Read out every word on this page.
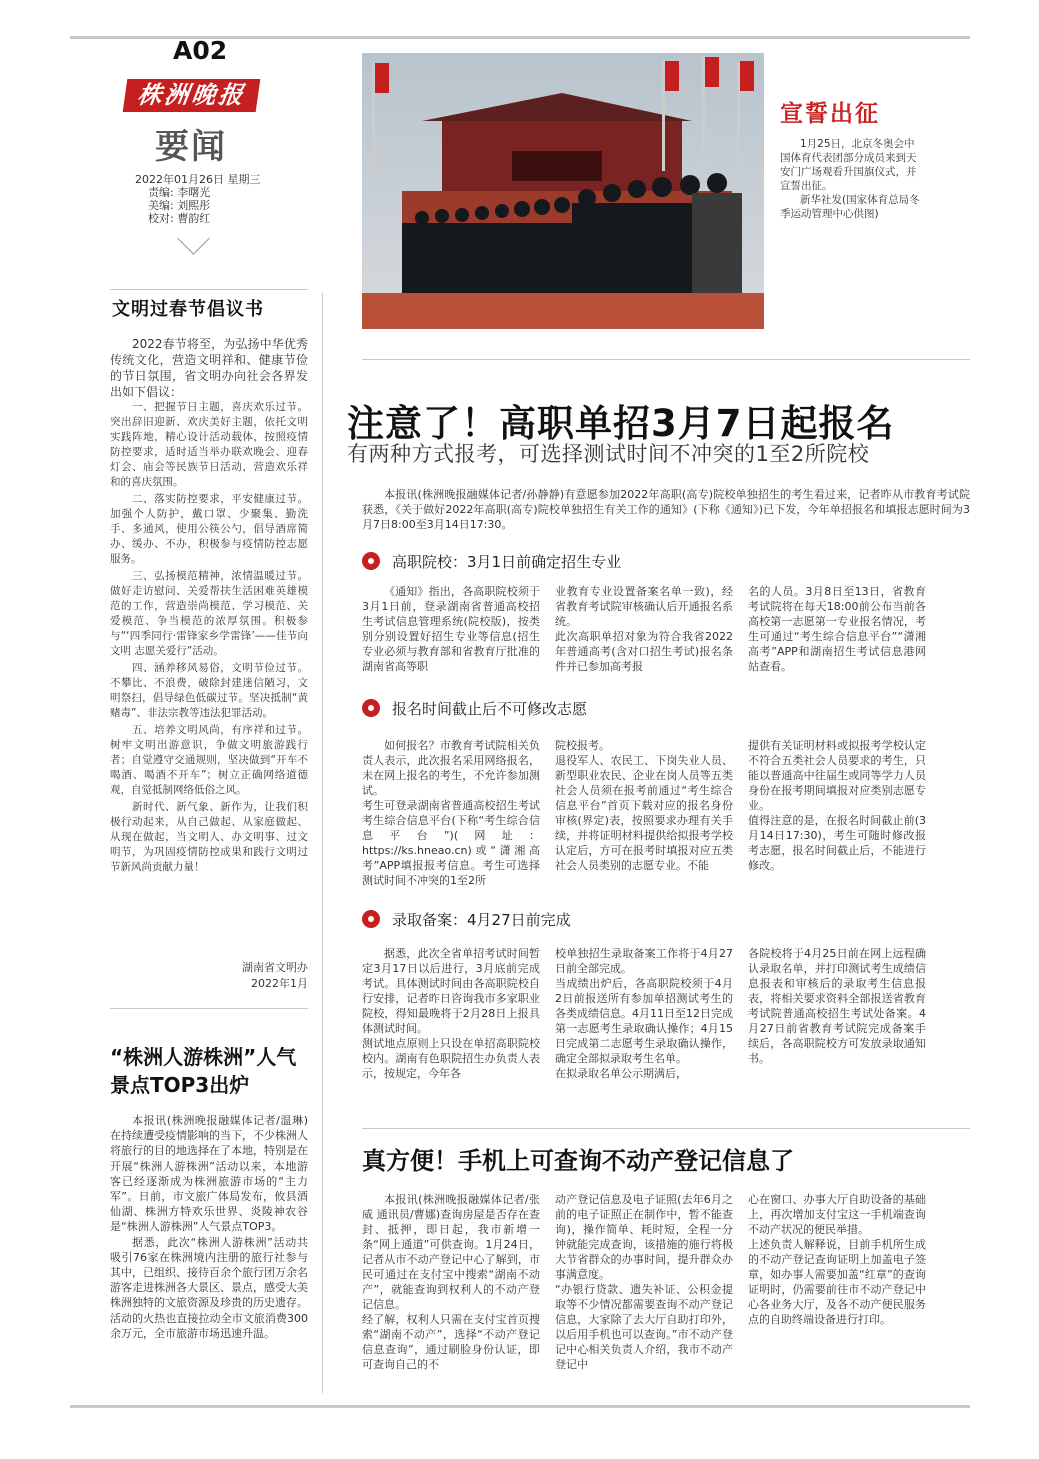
A02
株洲晚报
要闻
2022年01月26日 星期三
责编: 李曙光
美编: 刘熙彤
校对: 曹韵红
宣誓出征
1月25日，北京冬奥会中国体育代表团部分成员来到天安门广场观看升国旗仪式，并宣誓出征。
新华社发(国家体育总局冬季运动管理中心供图)
文明过春节倡议书

2022春节将至，为弘扬中华优秀传统文化，营造文明祥和、健康节俭的节日氛围，省文明办向社会各界发出如下倡议：

一、把握节日主题，喜庆欢乐过节。突出辞旧迎新、欢庆美好主题，依托文明实践阵地，精心设计活动载体，按照疫情防控要求，适时适当举办联欢晚会、迎春灯会、庙会等民族节日活动，营造欢乐祥和的喜庆氛围。

二、落实防控要求，平安健康过节。加强个人防护，戴口罩、少聚集、勤洗手、多通风，使用公筷公勺，倡导酒席简办、缓办、不办，积极参与疫情防控志愿服务。

三、弘扬模范精神，浓情温暖过节。做好走访慰问、关爱帮扶生活困难英雄模范的工作，营造崇尚模范、学习模范、关爱模范、争当模范的浓厚氛围。积极参与“‘四季同行·雷锋家乡学雷锋’——佳节向文明 志愿关爱行”活动。

四、涵养移风易俗，文明节俭过节。不攀比、不浪费，破除封建迷信陋习，文明祭扫，倡导绿色低碳过节。坚决抵制“黄赌毒”、非法宗教等违法犯罪活动。

五、培养文明风尚，有序祥和过节。树牢文明出游意识，争做文明旅游践行者；自觉遵守交通规则，坚决做到“开车不喝酒、喝酒不开车”；树立正确网络道德观，自觉抵制网络低俗之风。

新时代、新气象、新作为，让我们积极行动起来，从自己做起、从家庭做起、从现在做起，当文明人、办文明事、过文明节，为巩固疫情防控成果和践行文明过节新风尚贡献力量！

湖南省文明办
2022年1月
“株洲人游株洲”人气景点TOP3出炉

本报讯(株洲晚报融媒体记者/温琳)在持续遭受疫情影响的当下，不少株洲人将旅行的目的地选择在了本地，特别是在开展“株洲人游株洲”活动以来，本地游客已经逐渐成为株洲旅游市场的“主力军”。日前，市文旅广体局发布，攸县酒仙湖、株洲方特欢乐世界、炎陵神农谷是“株洲人游株洲”人气景点TOP3。

据悉，此次“株洲人游株洲”活动共吸引76家在株洲境内注册的旅行社参与其中，已组织、接待百余个旅行团万余名游客走进株洲各大景区、景点，感受大美株洲独特的文旅资源及珍贵的历史遗存。活动的火热也直接拉动全市文旅消费300余万元，全市旅游市场迅速升温。

注意了！高职单招3月7日起报名
有两种方式报考，可选择测试时间不冲突的1至2所院校
本报讯(株洲晚报融媒体记者/孙静静)有意愿参加2022年高职(高专)院校单独招生的考生看过来，记者昨从市教育考试院获悉，《关于做好2022年高职(高专)院校单独招生有关工作的通知》(下称《通知》)已下发，今年单招报名和填报志愿时间为3月7日8:00至3月14日17:30。
高职院校：3月1日前确定招生专业

《通知》指出，各高职院校须于3月1日前，登录湖南省普通高校招生考试信息管理系统(院校版)，按类别分别设置好招生专业等信息(招生专业必须与教育部和省教育厅批准的湖南省高等职

业教育专业设置备案名单一致)，经省教育考试院审核确认后开通报名系统。
此次高职单招对象为符合我省2022年普通高考(含对口招生考试)报名条件并已参加高考报

名的人员。3月8日至13日，省教育考试院将在每天18:00前公布当前各高校第一志愿第一专业报名情况，考生可通过“考生综合信息平台”“潇湘高考”APP和湖南招生考试信息港网站查看。

报名时间截止后不可修改志愿

如何报名？市教育考试院相关负责人表示，此次报名采用网络报名，未在网上报名的考生，不允许参加测试。
考生可登录湖南省普通高校招生考试考生综合信息平台(下称“考生综合信息平台”)(网址：https://ks.hneao.cn)或“潇湘高考”APP填报报考信息。考生可选择测试时间不冲突的1至2所

院校报考。
退役军人、农民工、下岗失业人员、新型职业农民、企业在岗人员等五类社会人员须在报考前通过“考生综合信息平台”首页下载对应的报名身份审核(界定)表，按照要求办理有关手续，并将证明材料提供给拟报考学校认定后，方可在报考时填报对应五类社会人员类别的志愿专业。不能

提供有关证明材料或拟报考学校认定不符合五类社会人员要求的考生，只能以普通高中往届生或同等学力人员身份在报考期间填报对应类别志愿专业。
值得注意的是，在报名时间截止前(3月14日17:30)，考生可随时修改报考志愿，报名时间截止后，不能进行修改。

录取备案：4月27日前完成

据悉，此次全省单招考试时间暂定3月17日以后进行，3月底前完成考试。具体测试时间由各高职院校自行安排，记者昨日咨询我市多家职业院校，得知最晚将于2月28日上报具体测试时间。
测试地点原则上只设在单招高职院校校内。湖南有色职院招生办负责人表示，按规定，今年各

校单独招生录取备案工作将于4月27日前全部完成。
当成绩出炉后，各高职院校须于4月2日前报送所有参加单招测试考生的各类成绩信息。4月11日至12日完成第一志愿考生录取确认操作；4月15日完成第二志愿考生录取确认操作，确定全部拟录取考生名单。
在拟录取名单公示期满后，

各院校将于4月25日前在网上远程确认录取名单，并打印测试考生成绩信息报表和审核后的录取考生信息报表，将相关要求资料全部报送省教育考试院普通高校招生考试处备案。4月27日前省教育考试院完成备案手续后，各高职院校方可发放录取通知书。

真方便！手机上可查询不动产登记信息了

本报讯(株洲晚报融媒体记者/张威 通讯员/曹娜)查询房屋是否存在查封、抵押，即日起，我市新增一条“网上通道”可供查询。1月24日，记者从市不动产登记中心了解到，市民可通过在支付宝中搜索“湖南不动产”，就能查询到权利人的不动产登记信息。
经了解，权利人只需在支付宝首页搜索“湖南不动产”，选择“不动产登记信息查询”，通过刷脸身份认证，即可查询自己的不

动产登记信息及电子证照(去年6月之前的电子证照正在制作中，暂不能查询)，操作简单、耗时短，全程一分钟就能完成查询，该措施的施行将极大节省群众的办事时间，提升群众办事满意度。
“办银行贷款、遗失补证、公积金提取等不少情况都需要查询不动产登记信息，大家除了去大厅自助打印外，以后用手机也可以查询。”市不动产登记中心相关负责人介绍，我市不动产登记中

心在窗口、办事大厅自助设备的基础上，再次增加支付宝这一手机端查询不动产状况的便民举措。
上述负责人解释说，目前手机所生成的不动产登记查询证明上加盖电子签章，如办事人需要加盖“红章”的查询证明时，仍需要前往市不动产登记中心各业务大厅，及各不动产便民服务点的自助终端设备进行打印。
